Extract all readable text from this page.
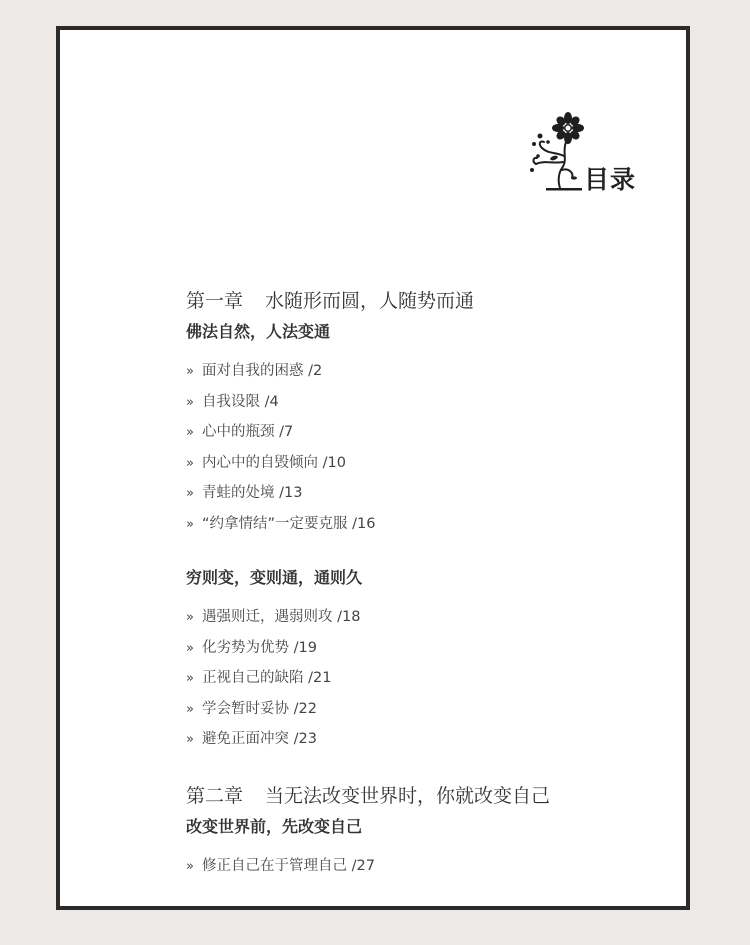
目录
第一章 水随形而圆，人随势而通
佛法自然，人法变通
» 面对自我的困惑 /2
» 自我设限 /4
» 心中的瓶颈 /7
» 内心中的自毁倾向 /10
» 青蛙的处境 /13
» “约拿情结”一定要克服 /16
穷则变，变则通，通则久
» 遇强则迁，遇弱则攻 /18
» 化劣势为优势 /19
» 正视自己的缺陷 /21
» 学会暂时妥协 /22
» 避免正面冲突 /23
第二章 当无法改变世界时，你就改变自己
改变世界前，先改变自己
» 修正自己在于管理自己 /27
